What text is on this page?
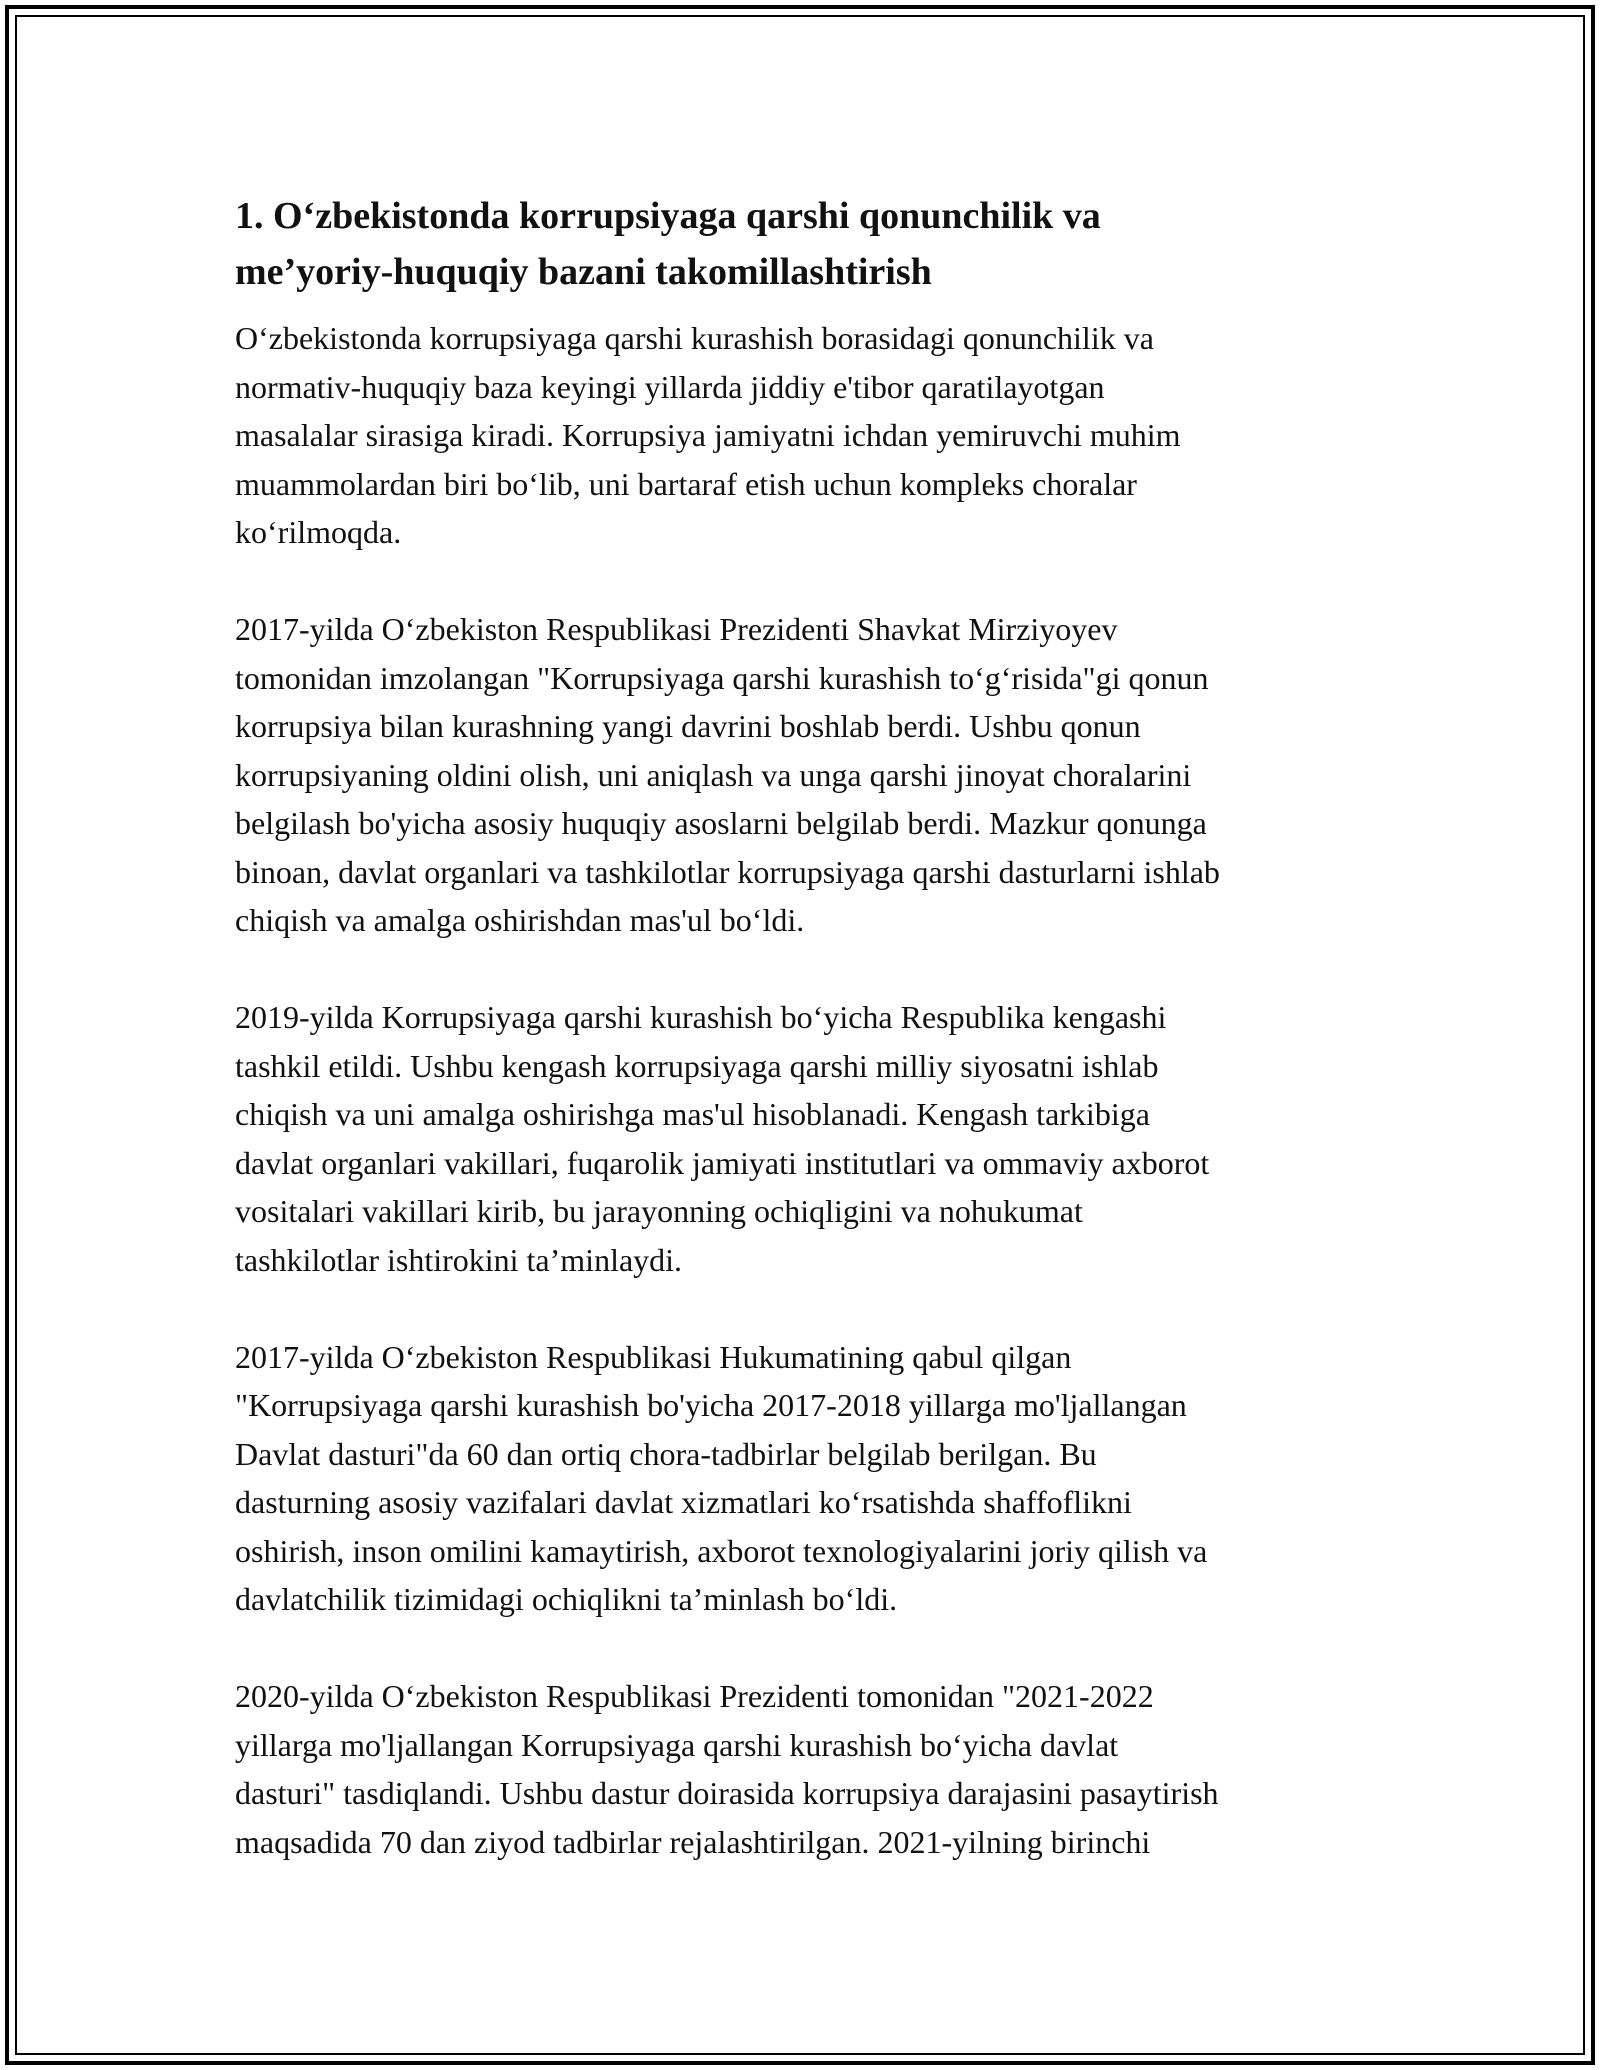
1. O‘zbekistonda korrupsiyaga qarshi qonunchilik va
me’yoriy-huquqiy bazani takomillashtirish

O‘zbekistonda korrupsiyaga qarshi kurashish borasidagi qonunchilik va
normativ-huquqiy baza keyingi yillarda jiddiy e'tibor qaratilayotgan
masalalar sirasiga kiradi. Korrupsiya jamiyatni ichdan yemiruvchi muhim
muammolardan biri bo‘lib, uni bartaraf etish uchun kompleks choralar
ko‘rilmoqda.

2017-yilda O‘zbekiston Respublikasi Prezidenti Shavkat Mirziyoyev
tomonidan imzolangan "Korrupsiyaga qarshi kurashish to‘g‘risida"gi qonun
korrupsiya bilan kurashning yangi davrini boshlab berdi. Ushbu qonun
korrupsiyaning oldini olish, uni aniqlash va unga qarshi jinoyat choralarini
belgilash bo'yicha asosiy huquqiy asoslarni belgilab berdi. Mazkur qonunga
binoan, davlat organlari va tashkilotlar korrupsiyaga qarshi dasturlarni ishlab
chiqish va amalga oshirishdan mas'ul bo‘ldi.

2019-yilda Korrupsiyaga qarshi kurashish bo‘yicha Respublika kengashi
tashkil etildi. Ushbu kengash korrupsiyaga qarshi milliy siyosatni ishlab
chiqish va uni amalga oshirishga mas'ul hisoblanadi. Kengash tarkibiga
davlat organlari vakillari, fuqarolik jamiyati institutlari va ommaviy axborot
vositalari vakillari kirib, bu jarayonning ochiqligini va nohukumat
tashkilotlar ishtirokini ta’minlaydi.

2017-yilda O‘zbekiston Respublikasi Hukumatining qabul qilgan
"Korrupsiyaga qarshi kurashish bo'yicha 2017-2018 yillarga mo'ljallangan
Davlat dasturi"da 60 dan ortiq chora-tadbirlar belgilab berilgan. Bu
dasturning asosiy vazifalari davlat xizmatlari ko‘rsatishda shaffoflikni
oshirish, inson omilini kamaytirish, axborot texnologiyalarini joriy qilish va
davlatchilik tizimidagi ochiqlikni ta’minlash bo‘ldi.

2020-yilda O‘zbekiston Respublikasi Prezidenti tomonidan "2021-2022
yillarga mo'ljallangan Korrupsiyaga qarshi kurashish bo‘yicha davlat
dasturi" tasdiqlandi. Ushbu dastur doirasida korrupsiya darajasini pasaytirish
maqsadida 70 dan ziyod tadbirlar rejalashtirilgan. 2021-yilning birinchi
